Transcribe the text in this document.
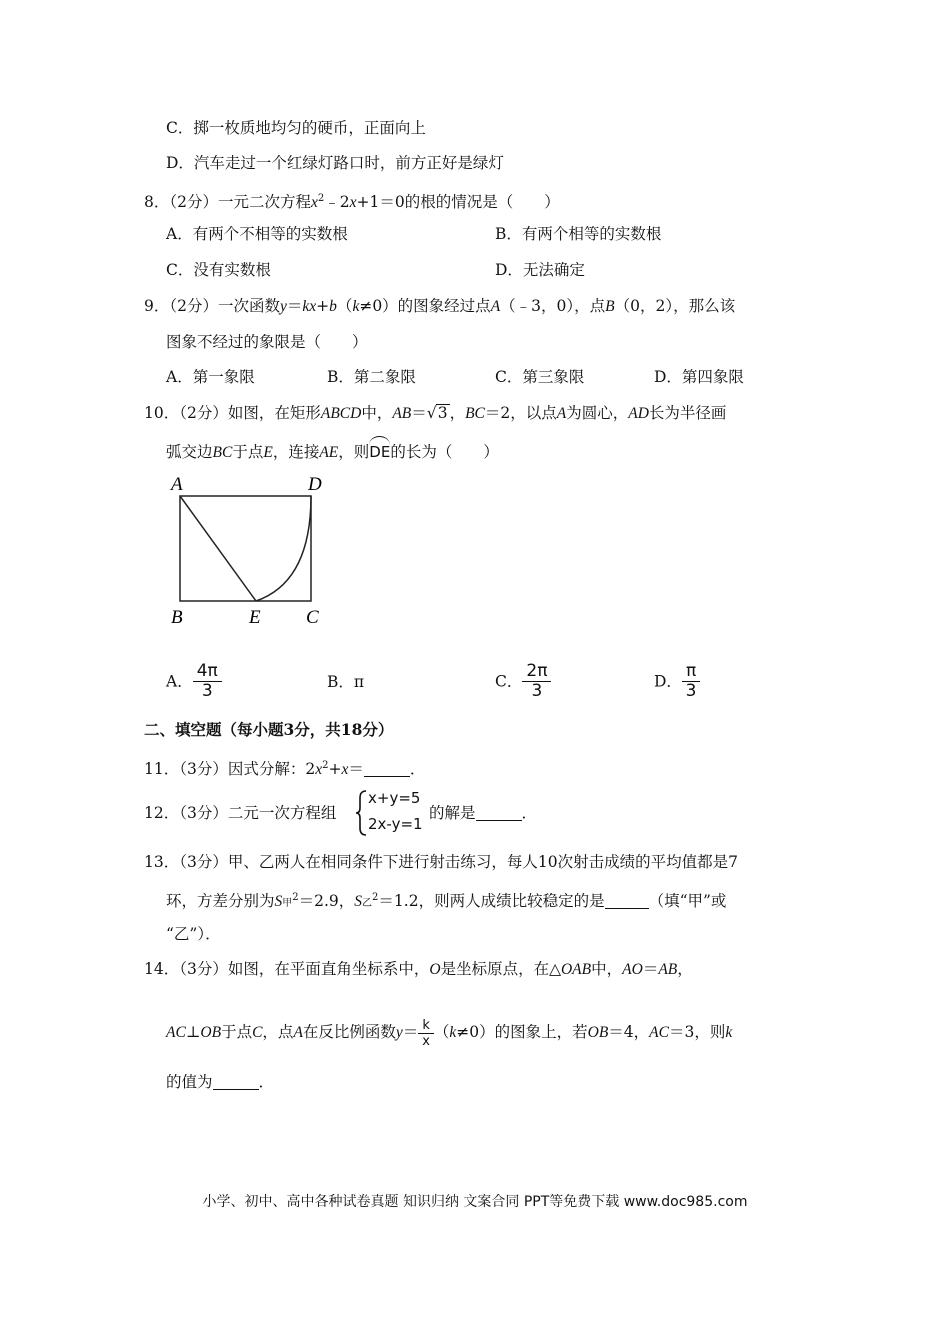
C．掷一枚质地均匀的硬币，正面向上
D．汽车走过一个红绿灯路口时，前方正好是绿灯
8．（2分）一元二次方程$x^2﹣2x+1=0$的根的情况是（　　）
A．有两个不相等的实数根	B．有两个相等的实数根
C．没有实数根	D．无法确定
9．（2分）一次函数y＝kx+b（k≠0）的图象经过点A（﹣3，0），点B（0，2），那么该
图象不经过的象限是（　　）
A．第一象限	B．第二象限	C．第三象限	D．第四象限
10．（2分）如图，在矩形ABCD中，AB＝√3 ，BC＝2，以点A为圆心，AD长为半径画
弧交边BC于点E，连接AE，则DE的长为（　　）
A	D
B	E C
A． $\frac{4\pi}{3}$	B．π	C． $\frac{2\pi}{3}$	D． $\frac{\pi}{3}$
二、填空题（每小题3分，共18分）
11．（3分）因式分解：$2x^2+x=$	．
12．（3分）二元一次方程组
x+y=5
2x-y=1
的解是	．
13．（3分）甲、乙两人在相同条件下进行射击练习，每人10次射击成绩的平均值都是7
环，方差分别为S甲$^2$＝2.9，S乙$^2$＝1.2，则两人成绩比较稳定的是	（填“甲”或
“乙”）．
14．（3分）如图，在平面直角坐标系中，O是坐标原点，在△OAB中，AO＝AB，
AC⊥OB于点C，点A在反比例函数$y= \frac{k}{x} (k\ne 0)$的图象上，若OB＝4，AC＝3，则k
的值为	．
小学、初中、高中各种试卷真题 知识归纳 文案合同 PPT等免费下载 www.doc985.com
